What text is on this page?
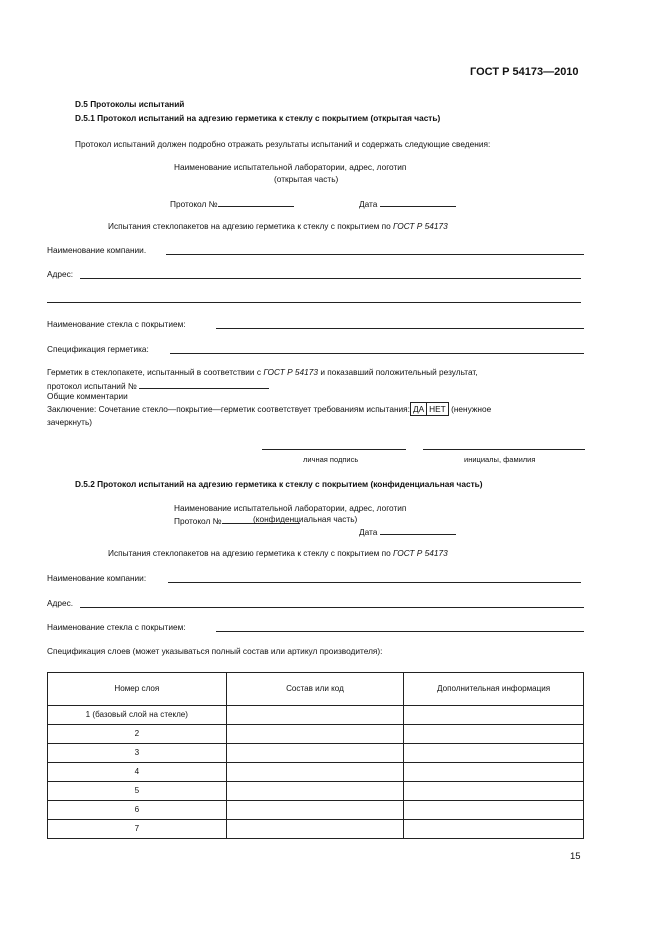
ГОСТ Р 54173—2010
D.5 Протоколы испытаний
D.5.1 Протокол испытаний на адгезию герметика к стеклу с покрытием (открытая часть)
Протокол испытаний должен подробно отражать результаты испытаний и содержать следующие сведения:
Наименование испытательной лаборатории, адрес, логотип
(открытая часть)
Протокол №	Дата
Испытания стеклопакетов на адгезию герметика к стеклу с покрытием по ГОСТ Р 54173
Наименование компании.
Адрес:
Наименование стекла с покрытием:
Спецификация герметика:
Герметик в стеклопакете, испытанный в соответствии с ГОСТ Р 54173 и показавший положительный результат,
протокол испытаний №
Общие комментарии
Заключение: Сочетание стекло—покрытие—герметик соответствует требованиям испытания: ДА НЕТ (ненужное
зачеркнуть)
личная подпись	инициалы, фамилия
D.5.2 Протокол испытаний на адгезию герметика к стеклу с покрытием (конфиденциальная часть)
Наименование испытательной лаборатории, адрес, логотип
Протокол №	(конфиденциальная часть)
Дата
Испытания стеклопакетов на адгезию герметика к стеклу с покрытием по ГОСТ Р 54173
Наименование компании:
Адрес.
Наименование стекла с покрытием:
Спецификация слоев (может указываться полный состав или артикул производителя):
Номер слоя	Состав или код	Дополнительная информация
1 (базовый слой на стекле)		
2		
3		
4		
5		
6		
7		
15
